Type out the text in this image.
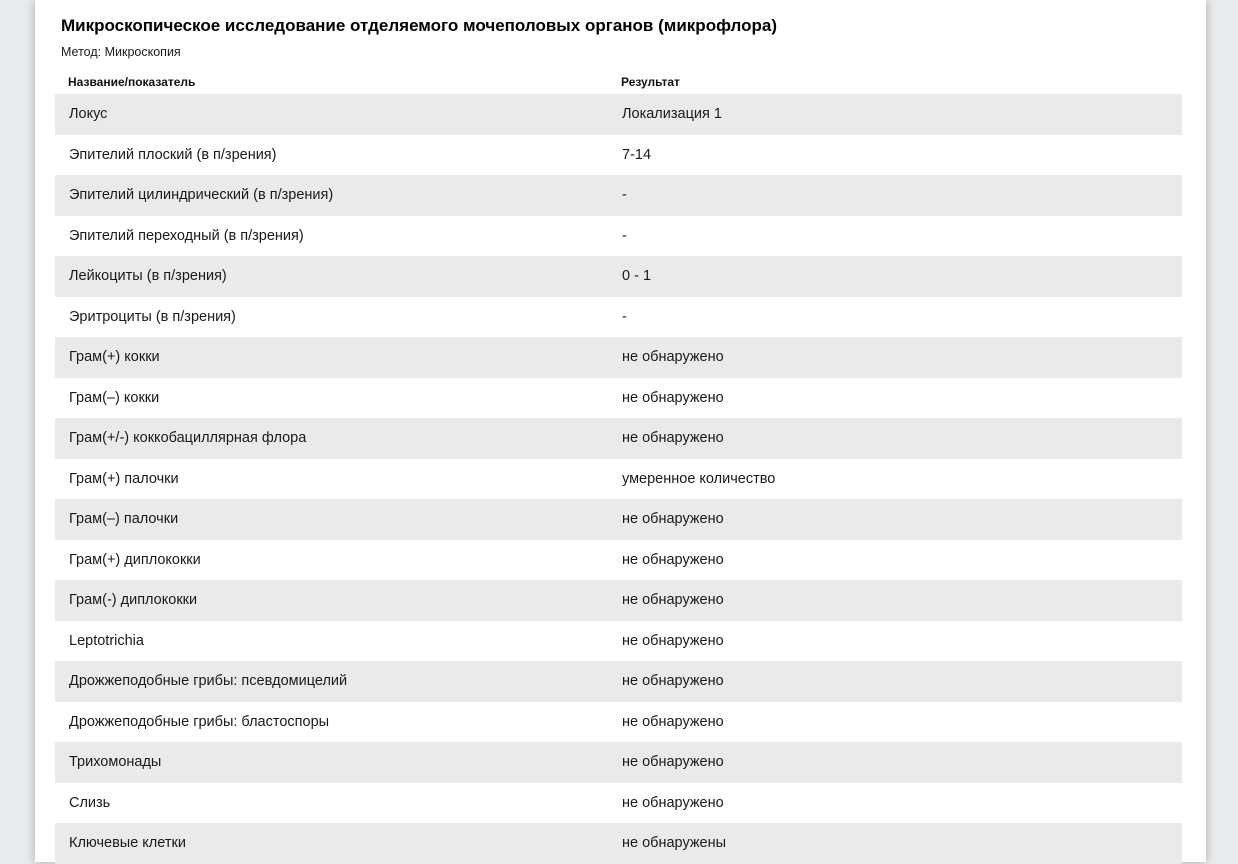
Микроскопическое исследование отделяемого мочеполовых органов (микрофлора)
Метод: Микроскопия
Название/показатель	Результат
Локус	Локализация 1
Эпителий плоский (в п/зрения)	7-14
Эпителий цилиндрический (в п/зрения)	-
Эпителий переходный (в п/зрения)	-
Лейкоциты (в п/зрения)	0 - 1
Эритроциты (в п/зрения)	-
Грам(+) кокки	не обнаружено
Грам(–) кокки	не обнаружено
Грам(+/-) коккобациллярная флора	не обнаружено
Грам(+) палочки	умеренное количество
Грам(–) палочки	не обнаружено
Грам(+) диплококки	не обнаружено
Грам(-) диплококки	не обнаружено
Leptotrichia	не обнаружено
Дрожжеподобные грибы: псевдомицелий	не обнаружено
Дрожжеподобные грибы: бластоспоры	не обнаружено
Трихомонады	не обнаружено
Слизь	не обнаружено
Ключевые клетки	не обнаружены
